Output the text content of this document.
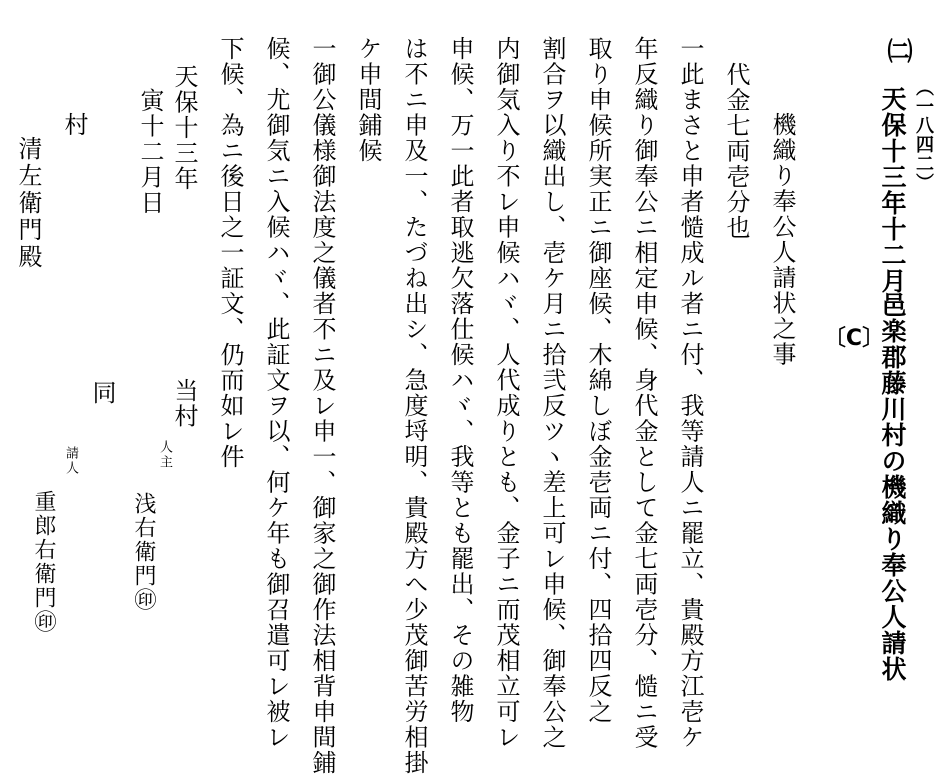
㈡
（一八四二）
天保十三年十二月
邑楽郡藤川村の機織り奉公人請状
〔C〕
機織り奉公人請状之事
代金七両壱分也
一此まさと申者慥成ル者ニ付、我等請人ニ罷立、貴殿方江壱ケ
年反織り御奉公ニ相定申候、身代金として金七両壱分、慥ニ受
取り申候所実正ニ御座候、木綿しぼ金壱両ニ付、四拾四反之
割合ヲ以織出し、壱ケ月ニ拾弐反ツヽ差上可レ申候、御奉公之
内御気入り不レ申候ハヾ、人代成りとも、金子ニ而茂相立可レ
申候、万一此者取逃欠落仕候ハヾ、我等とも罷出、その雑物
は不ニ申及一、たづね出シ、急度埒明、貴殿方へ少茂御苦労相掛
ケ申間鋪候
一御公儀様御法度之儀者不ニ及レ申一、御家之御作法相背申間鋪
候、尤御気ニ入候ハヾ、此証文ヲ以、何ケ年も御召遣可レ被レ
下候、為ニ後日之一証文、仍而如レ件
天保十三年
寅十二月日
当村
人主
浅右衛門㊞
同
請人
重郎右衛門㊞
村
清左衛門殿
